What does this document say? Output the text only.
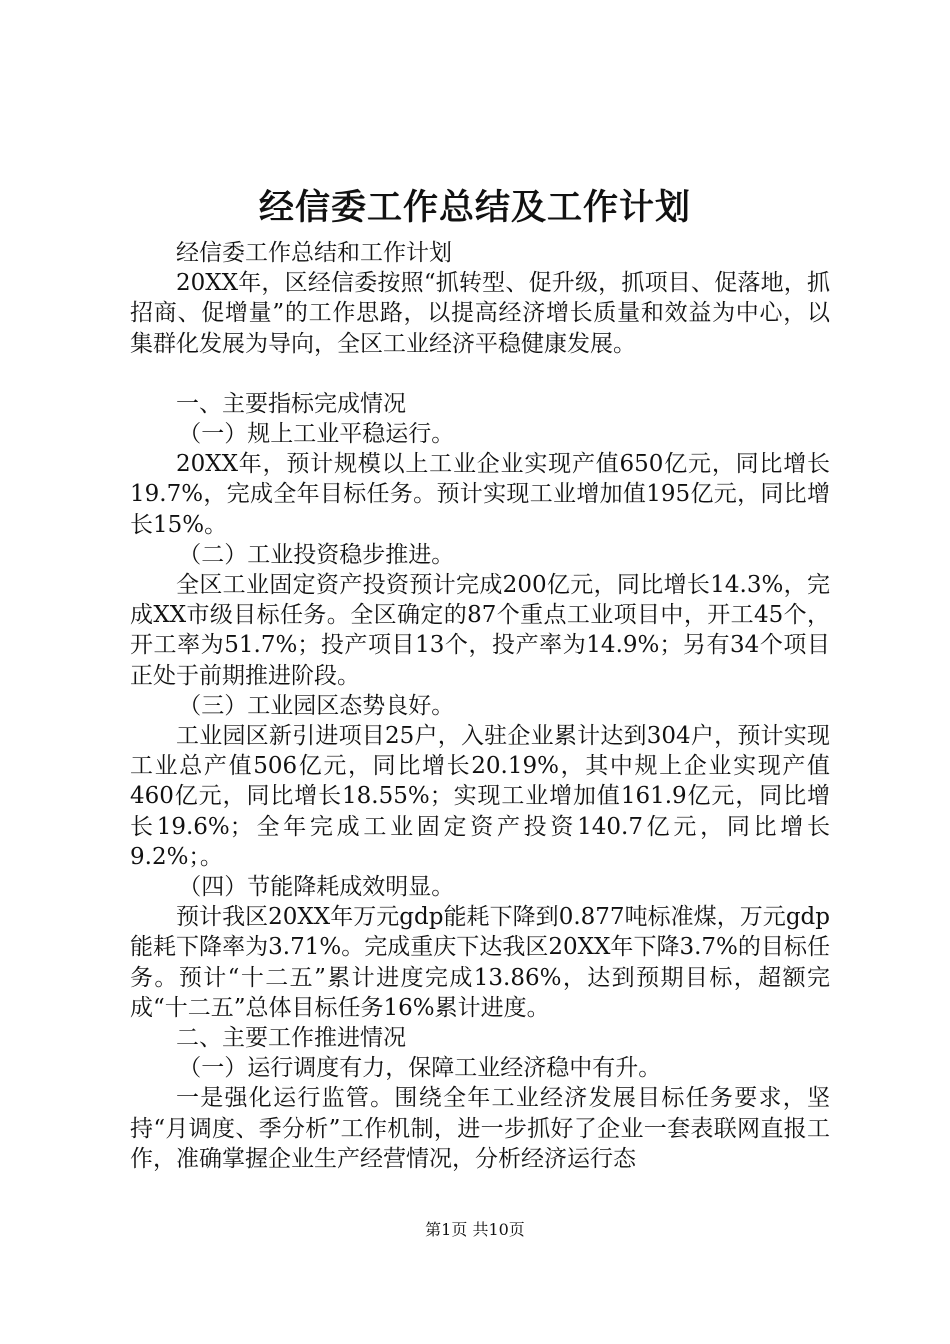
经信委工作总结及工作计划

经信委工作总结和工作计划

20XX年，区经信委按照“抓转型、促升级，抓项目、促落地，抓招商、促增量”的工作思路，以提高经济增长质量和效益为中心，以集群化发展为导向，全区工业经济平稳健康发展。

一、主要指标完成情况

（一）规上工业平稳运行。

20XX年，预计规模以上工业企业实现产值650亿元，同比增长19.7%，完成全年目标任务。预计实现工业增加值195亿元，同比增长15%。

（二）工业投资稳步推进。

全区工业固定资产投资预计完成200亿元，同比增长14.3%，完成XX市级目标任务。全区确定的87个重点工业项目中，开工45个，开工率为51.7%；投产项目13个，投产率为14.9%；另有34个项目正处于前期推进阶段。

（三）工业园区态势良好。

工业园区新引进项目25户，入驻企业累计达到304户，预计实现工业总产值506亿元，同比增长20.19%，其中规上企业实现产值460亿元，同比增长18.55%；实现工业增加值161.9亿元，同比增长19.6%；全年完成工业固定资产投资140.7亿元，同比增长9.2%；。

（四）节能降耗成效明显。

预计我区20XX年万元gdp能耗下降到0.877吨标准煤，万元gdp能耗下降率为3.71%。完成重庆下达我区20XX年下降3.7%的目标任务。预计“十二五”累计进度完成13.86%，达到预期目标，超额完成“十二五”总体目标任务16%累计进度。

二、主要工作推进情况

（一）运行调度有力，保障工业经济稳中有升。

一是强化运行监管。围绕全年工业经济发展目标任务要求，坚持“月调度、季分析”工作机制，进一步抓好了企业一套表联网直报工作，准确掌握企业生产经营情况，分析经济运行态

第1页 共10页
